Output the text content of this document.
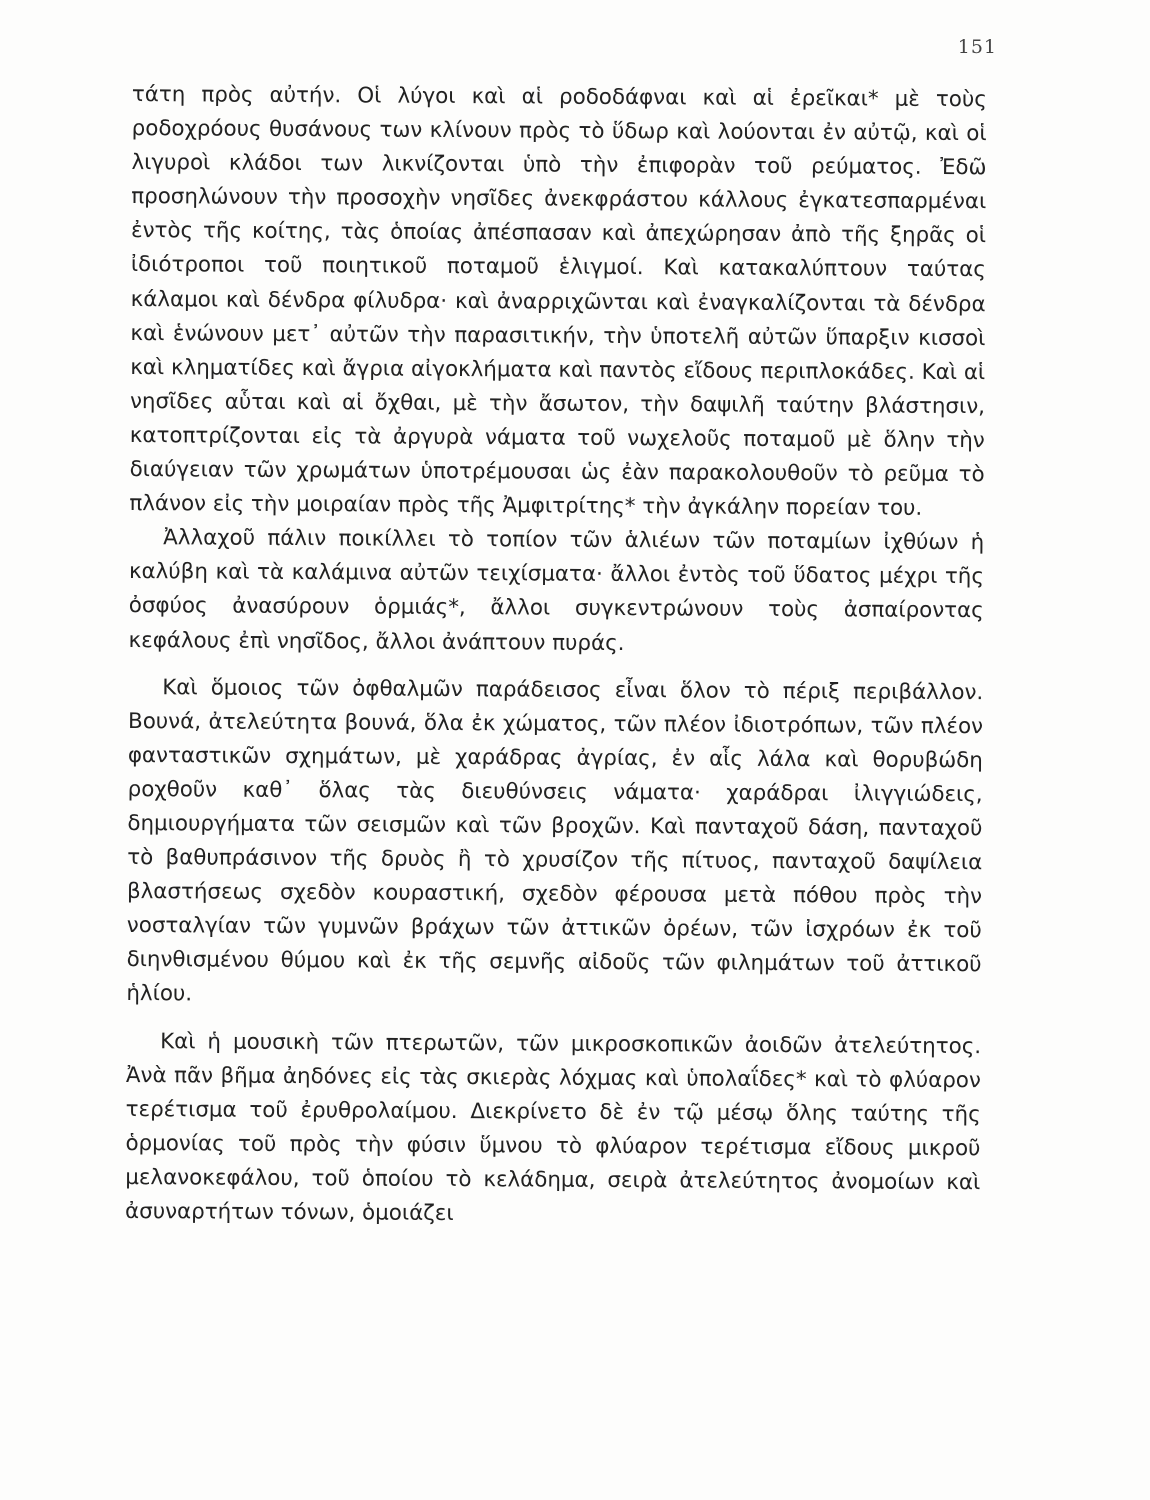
151

τάτη πρὸς αὐτήν. Οἱ λύγοι καὶ αἱ ροδοδάφναι καὶ αἱ ἐρεῖκαι* μὲ τοὺς ροδοχρόους θυσάνους των κλίνουν πρὸς τὸ ὕδωρ καὶ λούονται ἐν αὐτῷ, καὶ οἱ λιγυροὶ κλάδοι των λικνίζονται ὑπὸ τὴν ἐπιφορὰν τοῦ ρεύματος. Ἐδῶ προσηλώνουν τὴν προσοχὴν νησῖδες ἀνεκφράστου κάλλους ἐγκατεσπαρμέναι ἐντὸς τῆς κοίτης, τὰς ὁποίας ἀπέσπασαν καὶ ἀπεχώρησαν ἀπὸ τῆς ξηρᾶς οἱ ἰδιότροποι τοῦ ποιητικοῦ ποταμοῦ ἑλιγμοί. Καὶ κατακαλύπτουν ταύτας κάλαμοι καὶ δένδρα φίλυδρα· καὶ ἀναρριχῶνται καὶ ἐναγκαλίζονται τὰ δένδρα καὶ ἑνώνουν μετ᾽ αὐτῶν τὴν παρασιτικήν, τὴν ὑποτελῆ αὐτῶν ὕπαρξιν κισσοὶ καὶ κληματίδες καὶ ἄγρια αἰγοκλήματα καὶ παντὸς εἴδους περιπλοκάδες. Καὶ αἱ νησῖδες αὗται καὶ αἱ ὄχθαι, μὲ τὴν ἄσωτον, τὴν δαψιλῆ ταύτην βλάστησιν, κατοπτρίζονται εἰς τὰ ἀργυρὰ νάματα τοῦ νωχελοῦς ποταμοῦ μὲ ὅλην τὴν διαύγειαν τῶν χρωμάτων ὑποτρέμουσαι ὡς ἐὰν παρακολουθοῦν τὸ ρεῦμα τὸ πλάνον εἰς τὴν μοιραίαν πρὸς τῆς Ἀμφιτρίτης* τὴν ἀγκάλην πορείαν του.

Ἀλλαχοῦ πάλιν ποικίλλει τὸ τοπίον τῶν ἁλιέων τῶν ποταμίων ἰχθύων ἡ καλύβη καὶ τὰ καλάμινα αὐτῶν τειχίσματα· ἄλλοι ἐντὸς τοῦ ὕδατος μέχρι τῆς ὀσφύος ἀνασύρουν ὁρμιάς*, ἄλλοι συγκεντρώνουν τοὺς ἀσπαίροντας κεφάλους ἐπὶ νησῖδος, ἄλλοι ἀνάπτουν πυράς.

Καὶ ὅμοιος τῶν ὀφθαλμῶν παράδεισος εἶναι ὅλον τὸ πέριξ περιβάλλον. Βουνά, ἀτελεύτητα βουνά, ὅλα ἐκ χώματος, τῶν πλέον ἰδιοτρόπων, τῶν πλέον φανταστικῶν σχημάτων, μὲ χαράδρας ἀγρίας, ἐν αἷς λάλα καὶ θορυβώδη ροχθοῦν καθ᾽ ὅλας τὰς διευθύνσεις νάματα· χαράδραι ἰλιγγιώδεις, δημιουργήματα τῶν σεισμῶν καὶ τῶν βροχῶν. Καὶ πανταχοῦ δάση, πανταχοῦ τὸ βαθυπράσινον τῆς δρυὸς ἢ τὸ χρυσίζον τῆς πίτυος, πανταχοῦ δαψίλεια βλαστήσεως σχεδὸν κουραστική, σχεδὸν φέρουσα μετὰ πόθου πρὸς τὴν νοσταλγίαν τῶν γυμνῶν βράχων τῶν ἀττικῶν ὀρέων, τῶν ἰσχρόων ἐκ τοῦ διηνθισμένου θύμου καὶ ἐκ τῆς σεμνῆς αἰδοῦς τῶν φιλημάτων τοῦ ἀττικοῦ ἡλίου.

Καὶ ἡ μουσικὴ τῶν πτερωτῶν, τῶν μικροσκοπικῶν ἀοιδῶν ἀτελεύτητος. Ἀνὰ πᾶν βῆμα ἀηδόνες εἰς τὰς σκιερὰς λόχμας καὶ ὑπολαΐδες* καὶ τὸ φλύαρον τερέτισμα τοῦ ἐρυθρολαίμου. Διεκρίνετο δὲ ἐν τῷ μέσῳ ὅλης ταύτης τῆς ὁρμονίας τοῦ πρὸς τὴν φύσιν ὕμνου τὸ φλύαρον τερέτισμα εἴδους μικροῦ μελανοκεφάλου, τοῦ ὁποίου τὸ κελάδημα, σειρὰ ἀτελεύτητος ἀνομοίων καὶ ἀσυναρτήτων τόνων, ὁμοιάζει
